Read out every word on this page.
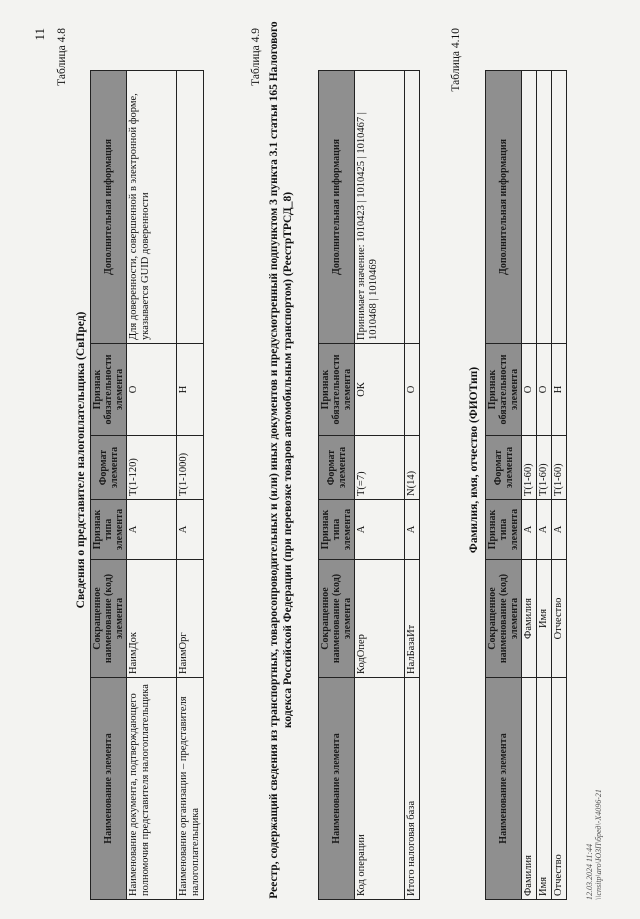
11 Таблица 4.8
Сведения о представителе налогоплательщика (СвПред)
Наименование элемента	Сокращенное наименование (код) элемента	Признак типа элемента	Формат элемента	Признак обязательности элемента	Дополнительная информация
Наименование документа, подтверждающего полномочия представителя налогоплательщика	НаимДок	А	T(1-120)	О	Для доверенности, совершенной в электронной форме, указывается GUID доверенности
Наименование организации – представителя налогоплательщика	НаимОрг	А	T(1-1000)	Н	
Таблица 4.9 Реестр, содержащий сведения из транспортных, товаросопроводительных и (или) иных документов и предусмотренный подпунктом 3 пункта 3.1 статьи 165 Налогового кодекса Российской Федерации (при перевозке товаров автомобильным транспортом) (РеестрТРСД_8)
Наименование элемента	Сокращенное наименование (код) элемента	Признак типа элемента	Формат элемента	Признак обязательности элемента	Дополнительная информация
Код операции	КодОпер	А	T(=7)	ОК	Принимает значение: 1010423 | 1010425 | 1010467 | 1010468 | 1010469
Итого налоговая база	НалБазаИт	А	N(14)	О	
Таблица 4.10
Фамилия, имя, отчество (ФИОТип)
Наименование элемента	Сокращенное наименование (код) элемента	Признак типа элемента	Формат элемента	Признак обязательности элемента	Дополнительная информация
Фамилия	Фамилия	А	T(1-60)	О	
Имя	Имя	А	T(1-60)	О	
Отчество	Отчество	А	T(1-60)	Н	
12.03.2024 11:44 \\cnsitp\aro\ЮЗП\бред\-Х4096-21
